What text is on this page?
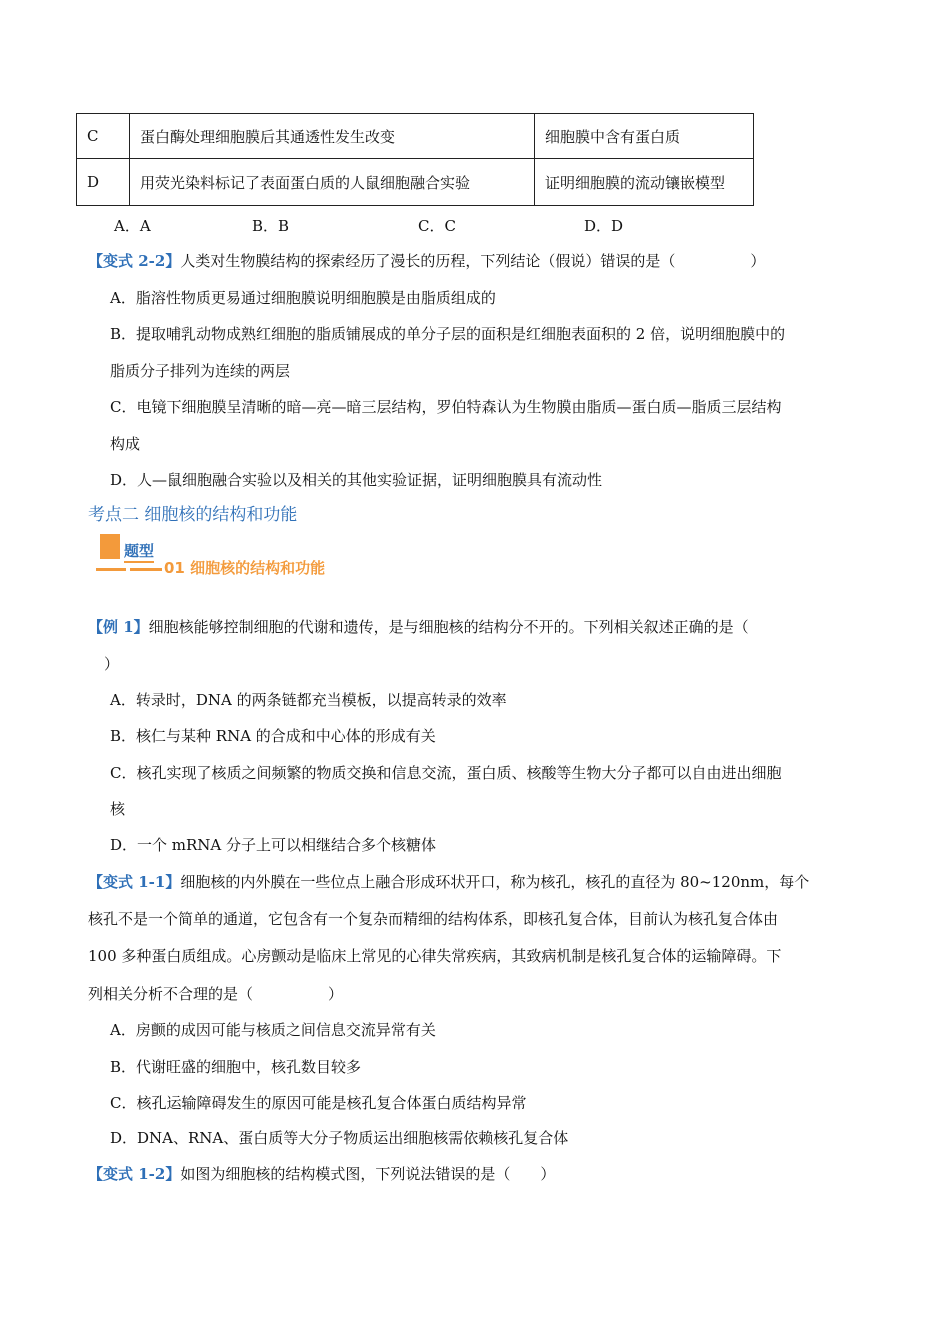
C	蛋白酶处理细胞膜后其通透性发生改变	细胞膜中含有蛋白质
D	用荧光染料标记了表面蛋白质的人鼠细胞融合实验	证明细胞膜的流动镶嵌模型
A．A	B．B	C．C	D．D
【变式 2-2】人类对生物膜结构的探索经历了漫长的历程，下列结论（假说）错误的是（　　　　　）
A．脂溶性物质更易通过细胞膜说明细胞膜是由脂质组成的
B．提取哺乳动物成熟红细胞的脂质铺展成的单分子层的面积是红细胞表面积的 2 倍，说明细胞膜中的
脂质分子排列为连续的两层
C．电镜下细胞膜呈清晰的暗—亮—暗三层结构，罗伯特森认为生物膜由脂质—蛋白质—脂质三层结构
构成
D．人—鼠细胞融合实验以及相关的其他实验证据，证明细胞膜具有流动性
考点二 细胞核的结构和功能
题型
01 细胞核的结构和功能
【例 1】细胞核能够控制细胞的代谢和遗传，是与细胞核的结构分不开的。下列相关叙述正确的是（
）
A．转录时，DNA 的两条链都充当模板，以提高转录的效率
B．核仁与某种 RNA 的合成和中心体的形成有关
C．核孔实现了核质之间频繁的物质交换和信息交流，蛋白质、核酸等生物大分子都可以自由进出细胞
核
D．一个 mRNA 分子上可以相继结合多个核糖体
【变式 1-1】细胞核的内外膜在一些位点上融合形成环状开口，称为核孔，核孔的直径为 80~120nm，每个
核孔不是一个简单的通道，它包含有一个复杂而精细的结构体系，即核孔复合体，目前认为核孔复合体由
100 多种蛋白质组成。心房颤动是临床上常见的心律失常疾病，其致病机制是核孔复合体的运输障碍。下
列相关分析不合理的是（　　　　　）
A．房颤的成因可能与核质之间信息交流异常有关
B．代谢旺盛的细胞中，核孔数目较多
C．核孔运输障碍发生的原因可能是核孔复合体蛋白质结构异常
D．DNA、RNA、蛋白质等大分子物质运出细胞核需依赖核孔复合体
【变式 1-2】如图为细胞核的结构模式图，下列说法错误的是（　　）
